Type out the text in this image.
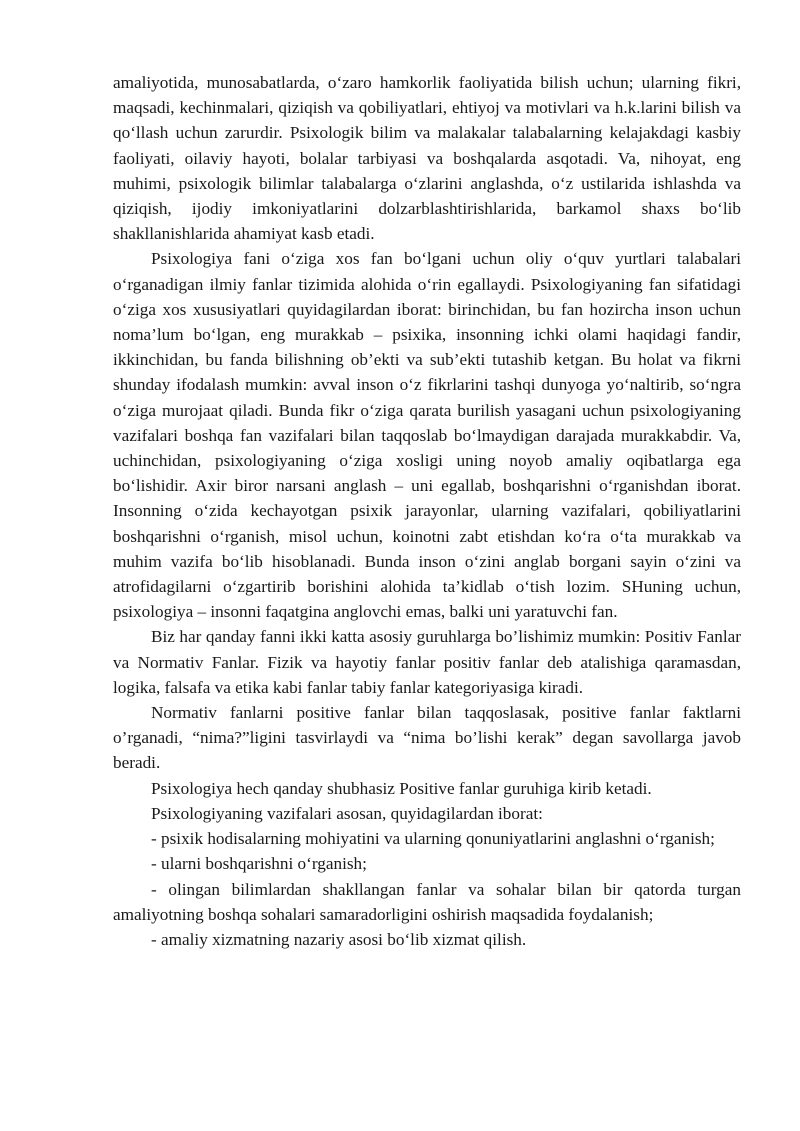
amaliyotida, munosabatlarda, o‘zaro hamkorlik faoliyatida bilish uchun; ularning fikri, maqsadi, kechinmalari, qiziqish va qobiliyatlari, ehtiyoj va motivlari va h.k.larini bilish va qo‘llash uchun zarurdir. Psixologik bilim va malakalar talabalarning kelajakdagi kasbiy faoliyati, oilaviy hayoti, bolalar tarbiyasi va boshqalarda asqotadi. Va, nihoyat, eng muhimi, psixologik bilimlar talabalarga o‘zlarini anglashda, o‘z ustilarida ishlashda va qiziqish, ijodiy imkoniyatlarini dolzarblashtirishlarida, barkamol shaxs bo‘lib shakllanishlarida ahamiyat kasb etadi.

Psixologiya fani o‘ziga xos fan bo‘lgani uchun oliy o‘quv yurtlari talabalari o‘rganadigan ilmiy fanlar tizimida alohida o‘rin egallaydi. Psixologiyaning fan sifatidagi o‘ziga xos xususiyatlari quyidagilardan iborat: birinchidan, bu fan hozircha inson uchun noma’lum bo‘lgan, eng murakkab – psixika, insonning ichki olami haqidagi fandir, ikkinchidan, bu fanda bilishning ob’ekti va sub’ekti tutashib ketgan. Bu holat va fikrni shunday ifodalash mumkin: avval inson o‘z fikrlarini tashqi dunyoga yo‘naltirib, so‘ngra o‘ziga murojaat qiladi. Bunda fikr o‘ziga qarata burilish yasagani uchun psixologiyaning vazifalari boshqa fan vazifalari bilan taqqoslab bo‘lmaydigan darajada murakkabdir. Va, uchinchidan, psixologiyaning o‘ziga xosligi uning noyob amaliy oqibatlarga ega bo‘lishidir. Axir biror narsani anglash – uni egallab, boshqarishni o‘rganishdan iborat. Insonning o‘zida kechayotgan psixik jarayonlar, ularning vazifalari, qobiliyatlarini boshqarishni o‘rganish, misol uchun, koinotni zabt etishdan ko‘ra o‘ta murakkab va muhim vazifa bo‘lib hisoblanadi. Bunda inson o‘zini anglab borgani sayin o‘zini va atrofidagilarni o‘zgartirib borishini alohida ta’kidlab o‘tish lozim. SHuning uchun, psixologiya – insonni faqatgina anglovchi emas, balki uni yaratuvchi fan.

Biz har qanday fanni ikki katta asosiy guruhlarga bo’lishimiz mumkin: Positiv Fanlar va Normativ Fanlar. Fizik va hayotiy fanlar positiv fanlar deb atalishiga qaramasdan, logika, falsafa va etika kabi fanlar tabiy fanlar kategoriyasiga kiradi.

Normativ fanlarni positive fanlar bilan taqqoslasak, positive fanlar faktlarni o’rganadi, “nima?”ligini tasvirlaydi va “nima bo’lishi kerak” degan savollarga javob beradi.

Psixologiya hech qanday shubhasiz Positive fanlar guruhiga kirib ketadi.

Psixologiyaning vazifalari asosan, quyidagilardan iborat:

- psixik hodisalarning mohiyatini va ularning qonuniyatlarini anglashni o‘rganish;

- ularni boshqarishni o‘rganish;

- olingan bilimlardan shakllangan fanlar va sohalar bilan bir qatorda turgan amaliyotning boshqa sohalari samaradorligini oshirish maqsadida foydalanish;

- amaliy xizmatning nazariy asosi bo‘lib xizmat qilish.
